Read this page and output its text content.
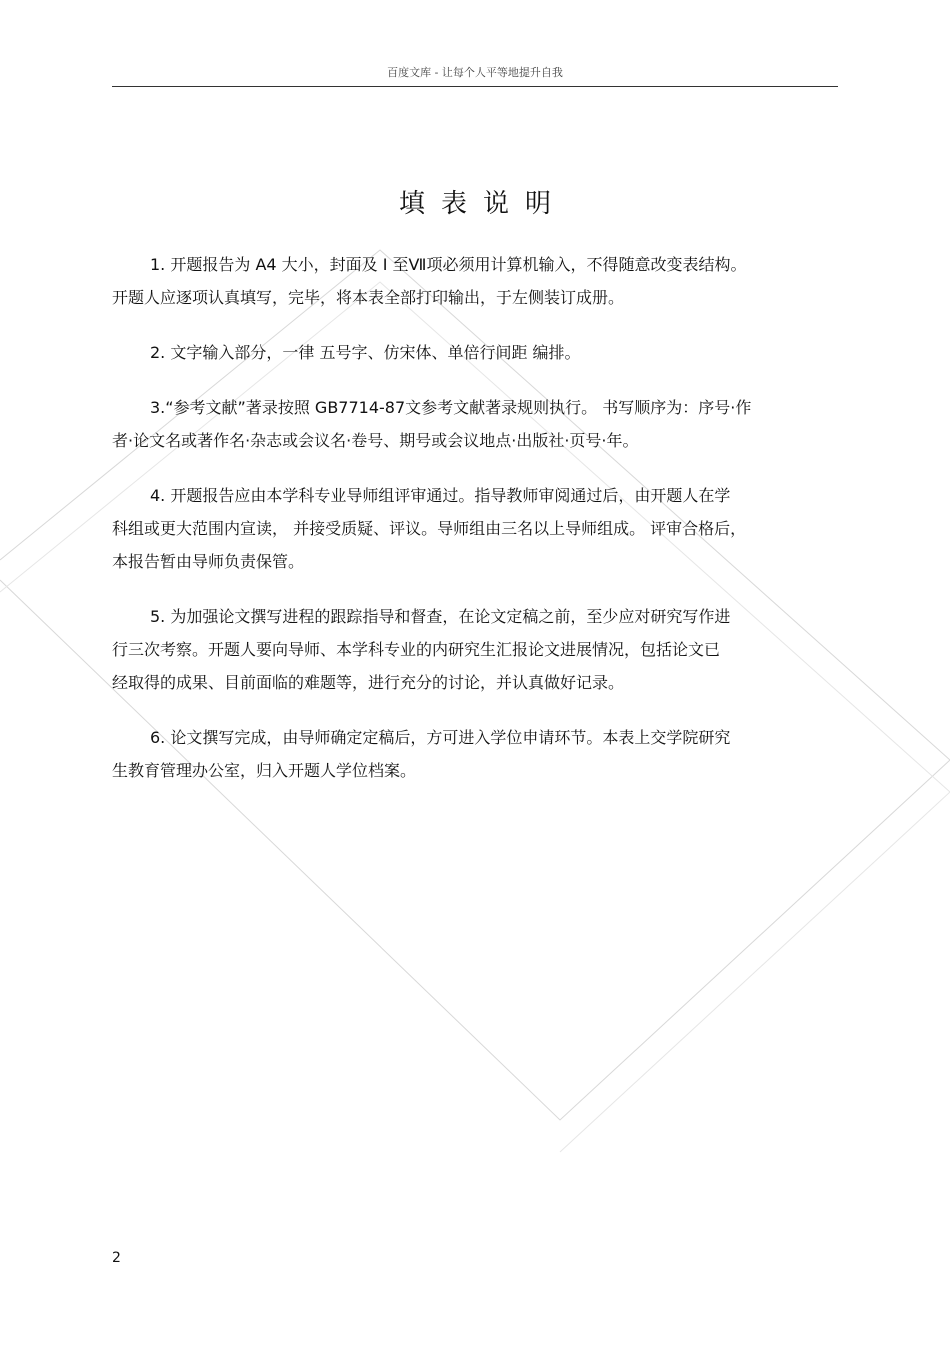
百度文库 - 让每个人平等地提升自我
填表说明

1. 开题报告为 A4 大小，封面及 I 至Ⅶ项必须用计算机输入，不得随意改变表结构。

开题人应逐项认真填写，完毕，将本表全部打印输出，于左侧装订成册。

2. 文字输入部分，一律 五号字、仿宋体、单倍行间距 编排。

3.“参考文献”著录按照 GB7714-87文参考文献著录规则执行。 书写顺序为：序号·作

者·论文名或著作名·杂志或会议名·卷号、期号或会议地点·出版社·页号·年。

4. 开题报告应由本学科专业导师组评审通过。指导教师审阅通过后，由开题人在学

科组或更大范围内宣读， 并接受质疑、评议。导师组由三名以上导师组成。 评审合格后，

本报告暂由导师负责保管。

5. 为加强论文撰写进程的跟踪指导和督查，在论文定稿之前，至少应对研究写作进

行三次考察。开题人要向导师、本学科专业的内研究生汇报论文进展情况，包括论文已

经取得的成果、目前面临的难题等，进行充分的讨论，并认真做好记录。

6. 论文撰写完成，由导师确定定稿后，方可进入学位申请环节。本表上交学院研究

生教育管理办公室，归入开题人学位档案。

2
